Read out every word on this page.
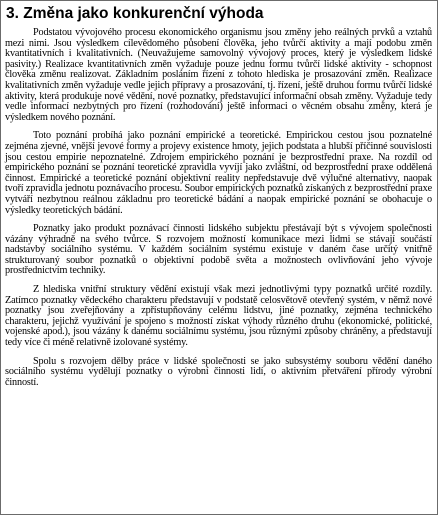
3. Změna jako konkurenční výhoda

Podstatou vývojového procesu ekonomického organismu jsou změny jeho reálných prvků a vztahů mezi nimi. Jsou výsledkem cílevědomého působení člověka, jeho tvůrčí aktivity a mají podobu změn kvantitativních i kvalitativních. (Neuvažujeme samovolný vývojový proces, který je výsledkem lidské pasivity.) Realizace kvantitativních změn vyžaduje pouze jednu formu tvůrčí lidské aktivity - schopnost člověka změnu realizovat. Základním posláním řízení z tohoto hlediska je prosazování změn. Realizace kvalitativních změn vyžaduje vedle jejich přípravy a prosazování, tj. řízení, ještě druhou formu tvůrčí lidské aktivity, která produkuje nové vědění, nové poznatky, představující informační obsah změny. Vyžaduje tedy vedle informací nezbytných pro řízení (rozhodování) ještě informaci o věcném obsahu změny, která je výsledkem nového poznání.

Toto poznání probíhá jako poznání empirické a teoretické. Empirickou cestou jsou poznatelné zejména zjevné, vnější jevové formy a projevy existence hmoty, jejich podstata a hlubší příčinné souvislosti jsou cestou empirie nepoznatelné. Zdrojem empirického poznání je bezprostřední praxe. Na rozdíl od empirického poznání se poznání teoretické zpravidla vyvíjí jako zvláštní, od bezprostřední praxe oddělená činnost. Empirické a teoretické poznání objektivní reality nepředstavuje dvě výlučné alternativy, naopak tvoří zpravidla jednotu poznávacího procesu. Soubor empirických poznatků získaných z bezprostřední praxe vytváří nezbytnou reálnou základnu pro teoretické bádání a naopak empirické poznání se obohacuje o výsledky teoretických bádání.

Poznatky jako produkt poznávací činnosti lidského subjektu přestávají být s vývojem společnosti vázány výhradně na svého tvůrce. S rozvojem možností komunikace mezi lidmi se stávají součástí nadstavby sociálního systému. V každém sociálním systému existuje v daném čase určitý vnitřně strukturovaný soubor poznatků o objektivní podobě světa a možnostech ovlivňování jeho vývoje prostřednictvím techniky.

Z hlediska vnitřní struktury vědění existují však mezi jednotlivými typy poznatků určité rozdíly. Zatímco poznatky vědeckého charakteru představují v podstatě celosvětově otevřený systém, v němž nové poznatky jsou zveřejňovány a zpřístupňovány celému lidstvu, jiné poznatky, zejména technického charakteru, jejichž využívání je spojeno s možností získat výhody různého druhu (ekonomické, politické, vojenské apod.), jsou vázány k danému sociálnímu systému, jsou různými způsoby chráněny, a představují tedy více či méně relativně izolované systémy.

Spolu s rozvojem dělby práce v lidské společnosti se jako subsystémy souboru vědění daného sociálního systému vydělují poznatky o výrobní činnosti lidí, o aktivním přetváření přírody výrobní činností.
